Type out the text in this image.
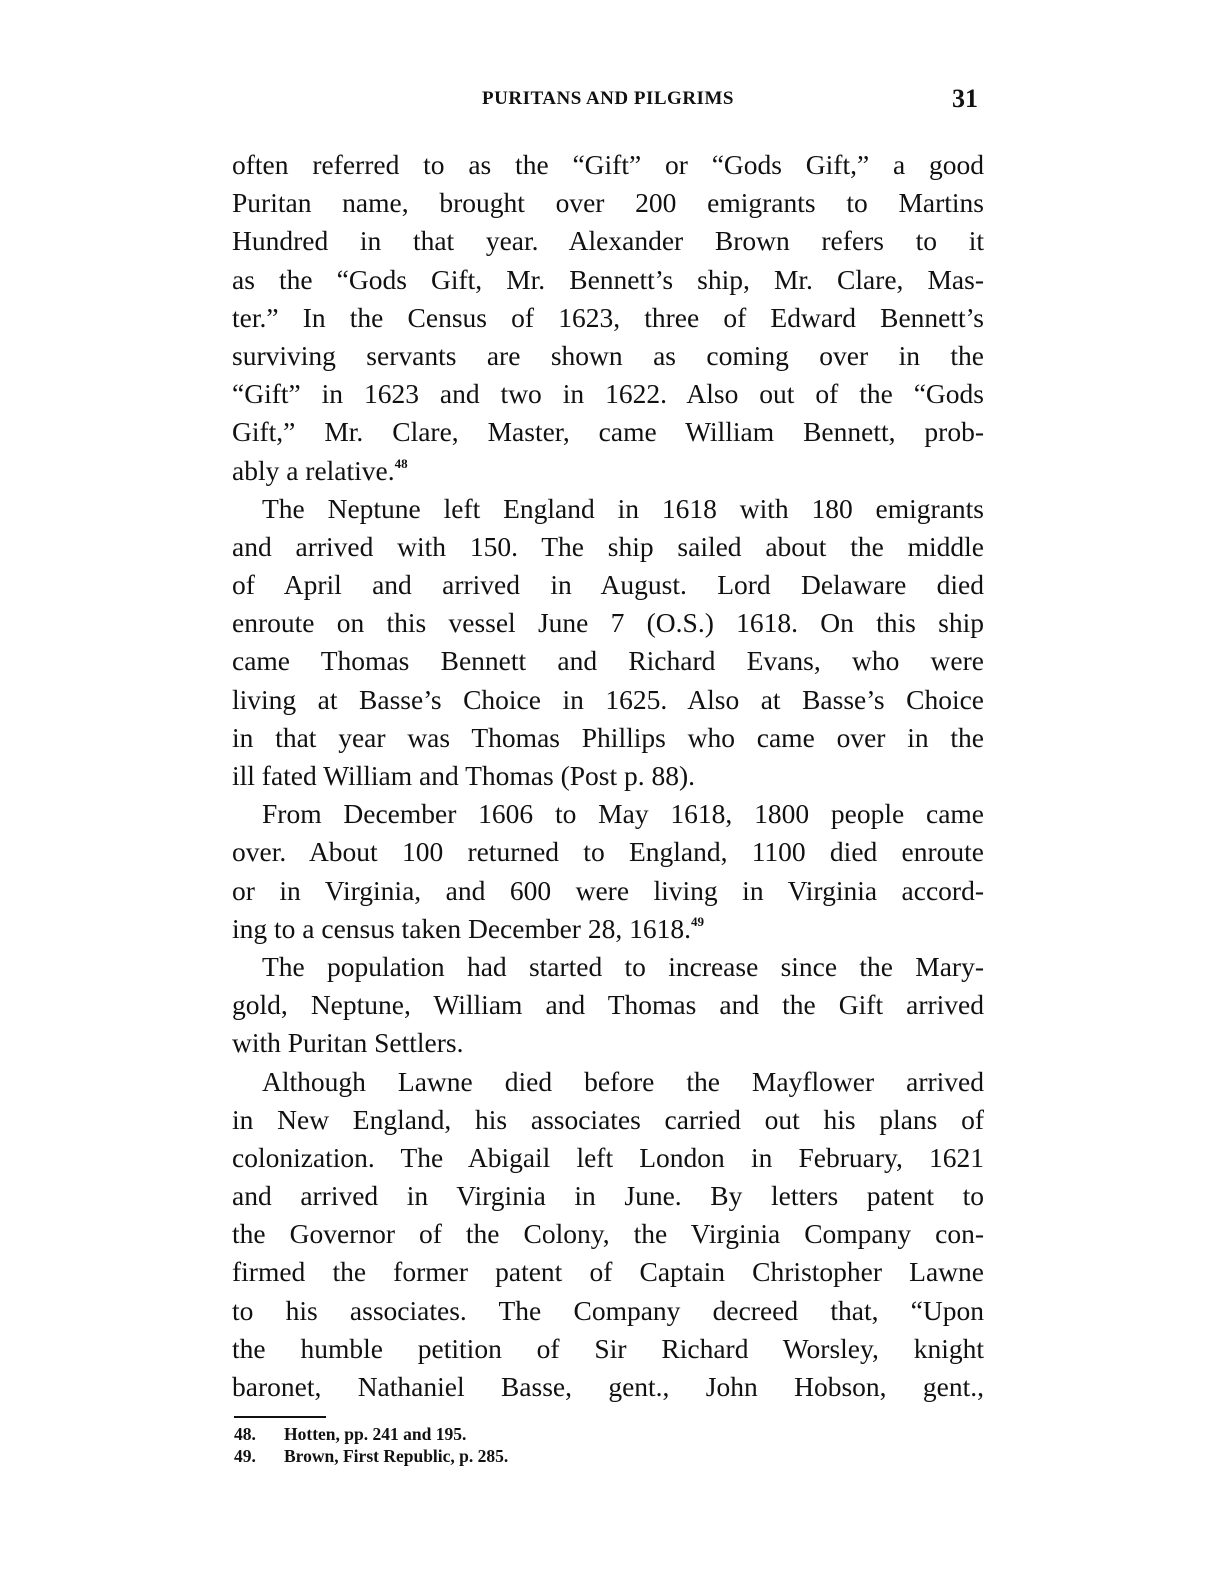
PURITANS AND PILGRIMS	31
often referred to as the “Gift” or “Gods Gift,” a good
Puritan name, brought over 200 emigrants to Martins
Hundred in that year. Alexander Brown refers to it
as the “Gods Gift, Mr. Bennett’s ship, Mr. Clare, Mas-
ter.” In the Census of 1623, three of Edward Bennett’s
surviving servants are shown as coming over in the
“Gift” in 1623 and two in 1622. Also out of the “Gods
Gift,” Mr. Clare, Master, came William Bennett, prob-
ably a relative.$^{48}$
The Neptune left England in 1618 with 180 emigrants
and arrived with 150. The ship sailed about the middle
of April and arrived in August. Lord Delaware died
enroute on this vessel June 7 (O.S.) 1618. On this ship
came Thomas Bennett and Richard Evans, who were
living at Basse’s Choice in 1625. Also at Basse’s Choice
in that year was Thomas Phillips who came over in the
ill fated William and Thomas (Post p. 88).
From December 1606 to May 1618, 1800 people came
over. About 100 returned to England, 1100 died enroute
or in Virginia, and 600 were living in Virginia accord-
ing to a census taken December 28, 1618.49
The population had started to increase since the Mary-
gold, Neptune, William and Thomas and the Gift arrived
with Puritan Settlers.
Although Lawne died before the Mayflower arrived
in New England, his associates carried out his plans of
colonization. The Abigail left London in February, 1621
and arrived in Virginia in June. By letters patent to
the Governor of the Colony, the Virginia Company con-
firmed the former patent of Captain Christopher Lawne
to his associates. The Company decreed that, “Upon
the humble petition of Sir Richard Worsley, knight
baronet, Nathaniel Basse, gent., John Hobson, gent.,
48. Hotten, pp. 241 and 195.
49. Brown, First Republic, p. 285.
